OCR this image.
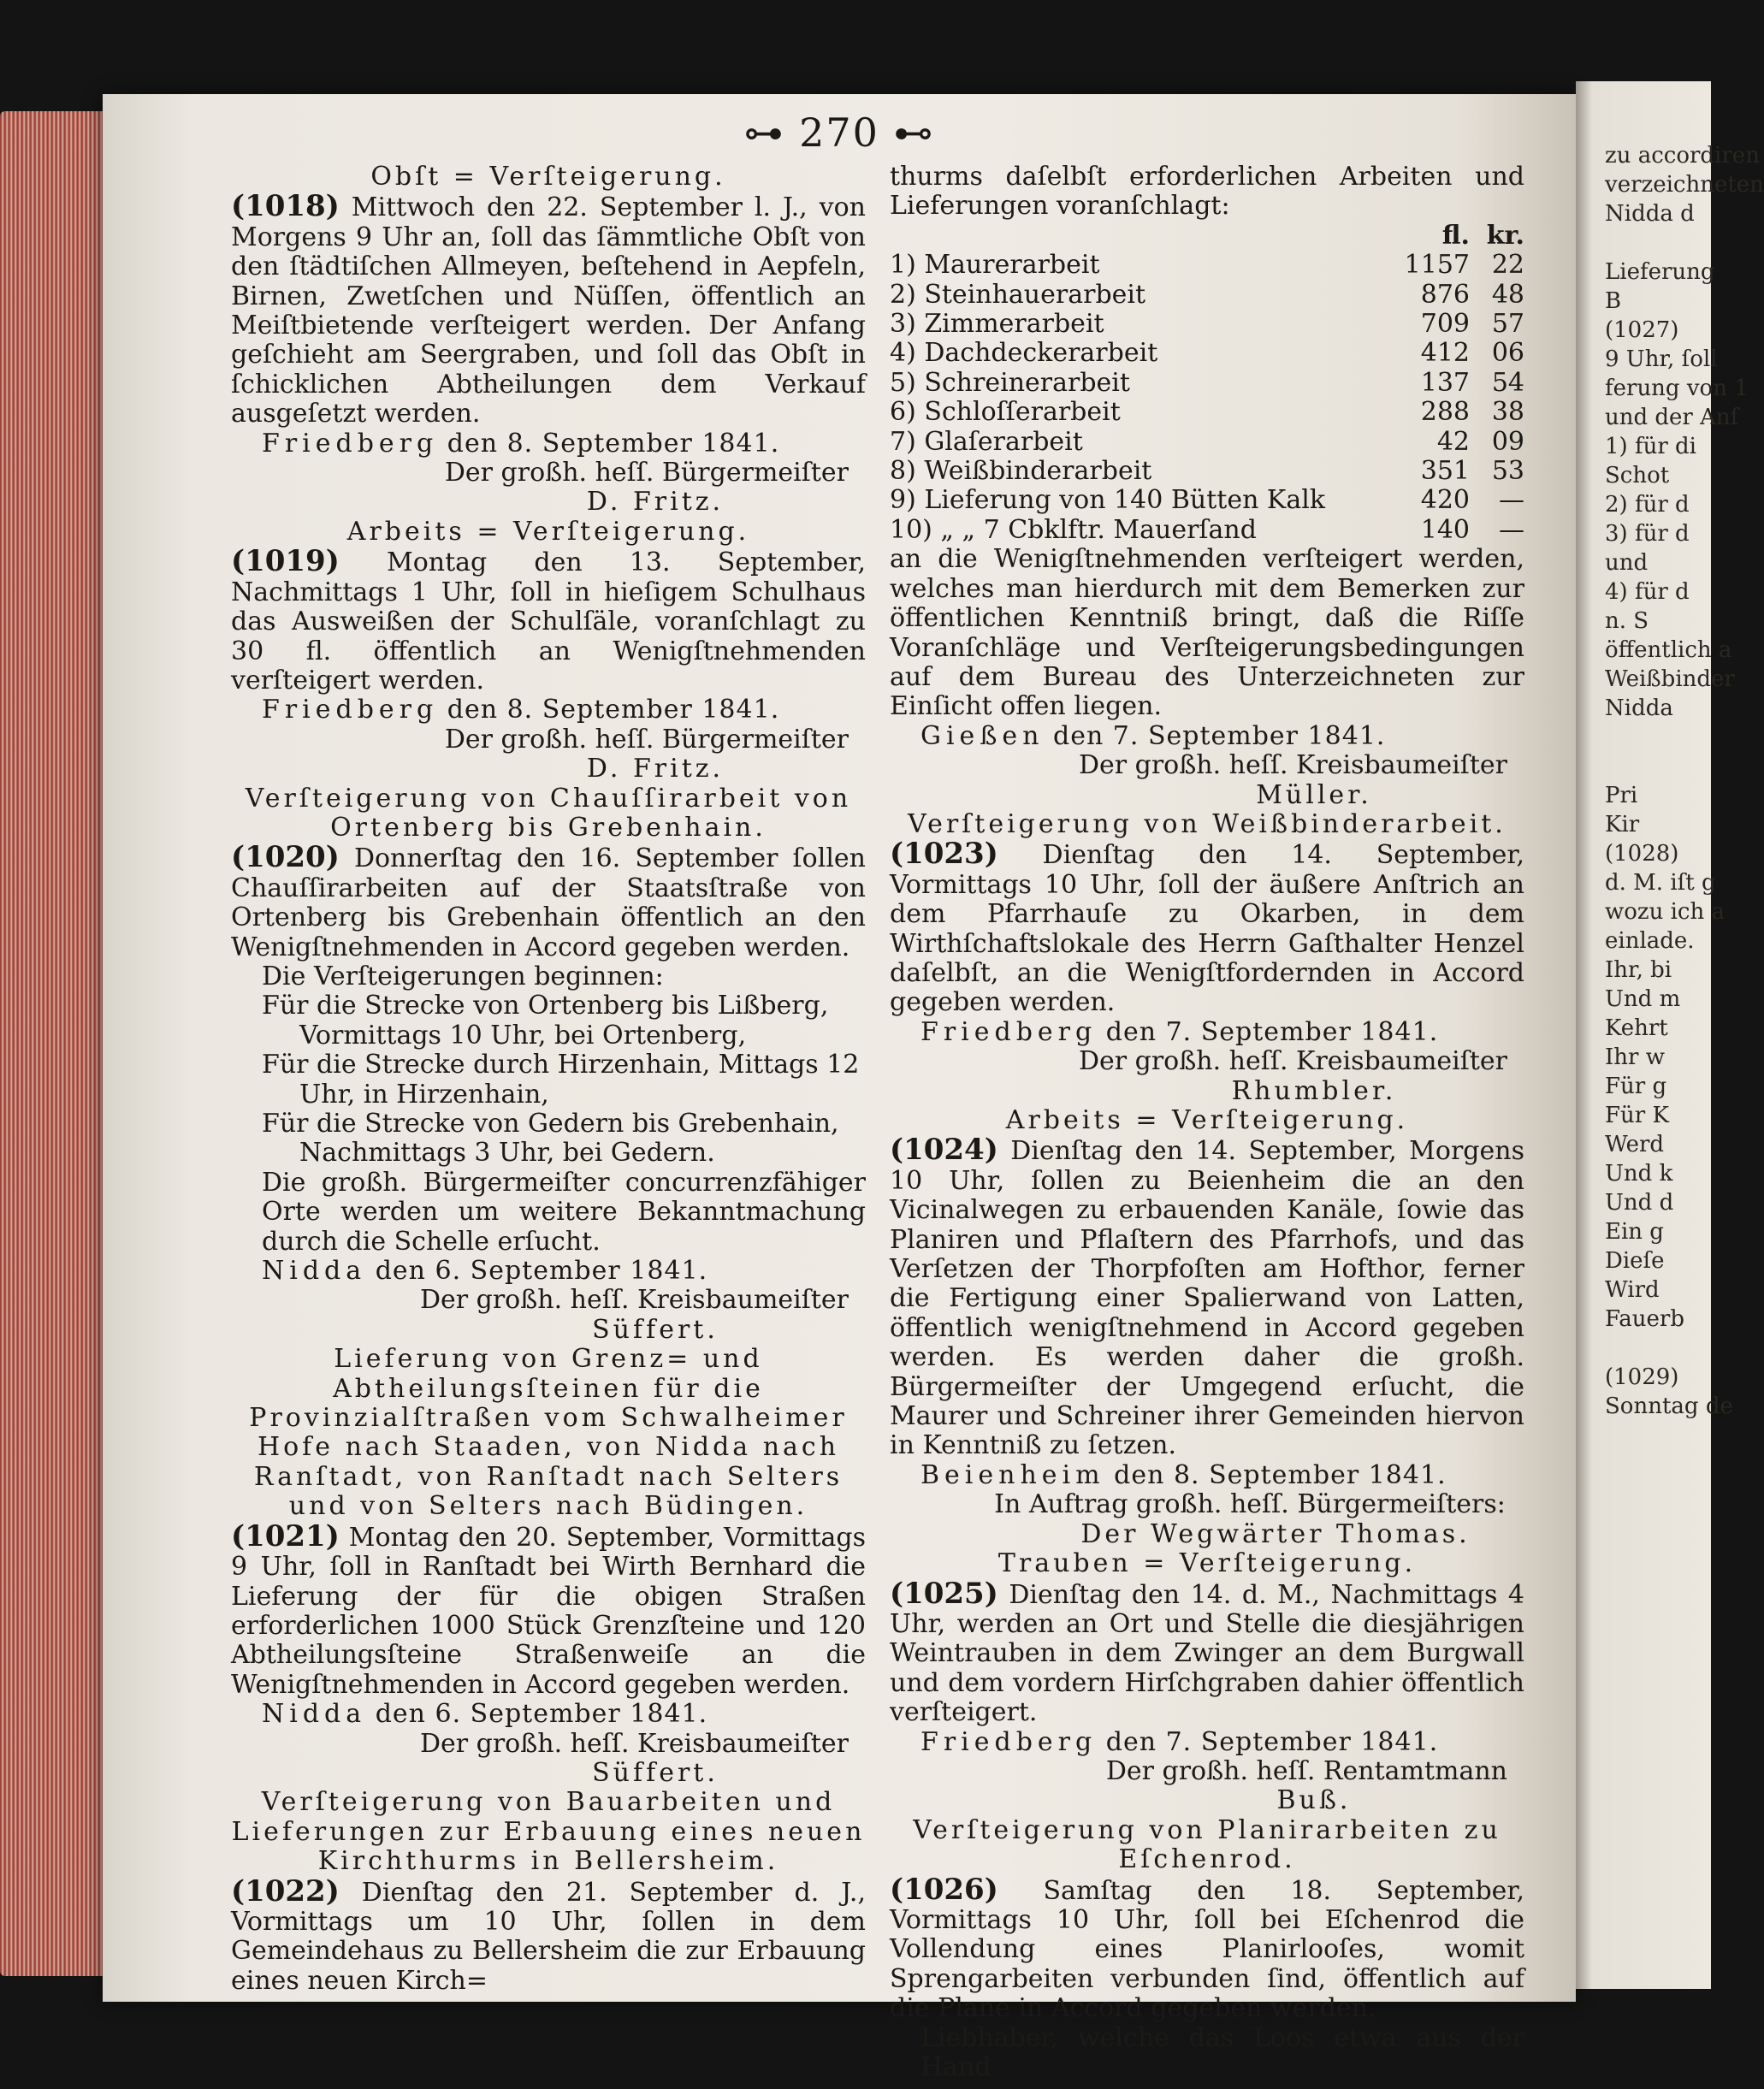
zu accordiren
verzeichneten
Nidda d

Lieferung
B
(1027)
9 Uhr, ſoll
ferung von 1
und der Anſ
1) für di
Schot
2) für d
3) für d
und
4) für d
n. S
öffentlich a
Weißbinder
Nidda

Pri
Kir
(1028)
d. M. iſt g
wozu ich a
einlade.
Ihr, bi
Und m
Kehrt
Ihr w
Für g
Für K
Werd
Und k
Und d
Ein g
Dieſe
Wird
Fauerb

(1029)
Sonntag de
⊶ 270 ⊷

Obſt = Verſteigerung.

(1018) Mittwoch den 22. September l. J., von Morgens 9 Uhr an, ſoll das ſämmtliche Obſt von den ſtädtiſchen Allmeyen, beſtehend in Aepfeln, Birnen, Zwetſchen und Nüſſen, öffentlich an Meiſtbietende verſteigert werden. Der Anfang geſchieht am Seergraben, und ſoll das Obſt in ſchicklichen Abtheilungen dem Verkauf ausgeſetzt werden.

Friedberg den 8. September 1841.

Der großh. heſſ. Bürgermeiſter

D. Fritz.

Arbeits = Verſteigerung.

(1019) Montag den 13. September, Nachmittags 1 Uhr, ſoll in hieſigem Schulhaus das Ausweißen der Schulſäle, voranſchlagt zu 30 fl. öffentlich an Wenigſtnehmenden verſteigert werden.

Friedberg den 8. September 1841.

Der großh. heſſ. Bürgermeiſter

D. Fritz.

Verſteigerung von Chauſſirarbeit von Ortenberg bis Grebenhain.

(1020) Donnerſtag den 16. September ſollen Chauſſirarbeiten auf der Staatsſtraße von Ortenberg bis Grebenhain öffentlich an den Wenigſtnehmenden in Accord gegeben werden.

Die Verſteigerungen beginnen:

Für die Strecke von Ortenberg bis Lißberg, Vormittags 10 Uhr, bei Ortenberg,

Für die Strecke durch Hirzenhain, Mittags 12 Uhr, in Hirzenhain,

Für die Strecke von Gedern bis Grebenhain, Nachmittags 3 Uhr, bei Gedern.

Die großh. Bürgermeiſter concurrenzfähiger Orte werden um weitere Bekanntmachung durch die Schelle erſucht.

Nidda den 6. September 1841.

Der großh. heſſ. Kreisbaumeiſter

Süffert.

Lieferung von Grenz= und Abtheilungsſteinen für die Provinzialſtraßen vom Schwalheimer Hofe nach Staaden, von Nidda nach Ranſtadt, von Ranſtadt nach Selters und von Selters nach Büdingen.

(1021) Montag den 20. September, Vormittags 9 Uhr, ſoll in Ranſtadt bei Wirth Bernhard die Lieferung der für die obigen Straßen erforderlichen 1000 Stück Grenzſteine und 120 Abtheilungsſteine Straßenweiſe an die Wenigſtnehmenden in Accord gegeben werden.

Nidda den 6. September 1841.

Der großh. heſſ. Kreisbaumeiſter

Süffert.

Verſteigerung von Bauarbeiten und Lieferungen zur Erbauung eines neuen Kirchthurms in Bellersheim.

(1022) Dienſtag den 21. September d. J., Vormittags um 10 Uhr, ſollen in dem Gemeindehaus zu Bellersheim die zur Erbauung eines neuen Kirch=

thurms daſelbſt erforderlichen Arbeiten und Lieferungen voranſchlagt:

fl. kr.
1) Maurerarbeit	1157 22
2) Steinhauerarbeit	876 48
3) Zimmerarbeit	709 57
4) Dachdeckerarbeit	412 06
5) Schreinerarbeit	137 54
6) Schloſſerarbeit	288 38
7) Glaſerarbeit	42 09
8) Weißbinderarbeit	351 53
9) Lieferung von 140 Bütten Kalk	420	—
10) „ „ 7 Cbklftr. Mauerſand	140	—

an die Wenigſtnehmenden verſteigert werden, welches man hierdurch mit dem Bemerken zur öffentlichen Kenntniß bringt, daß die Riſſe Voranſchläge und Verſteigerungsbedingungen auf dem Bureau des Unterzeichneten zur Einſicht offen liegen.

Gießen den 7. September 1841.

Der großh. heſſ. Kreisbaumeiſter

Müller.

Verſteigerung von Weißbinderarbeit.

(1023) Dienſtag den 14. September, Vormittags 10 Uhr, ſoll der äußere Anſtrich an dem Pfarrhauſe zu Okarben, in dem Wirthſchaftslokale des Herrn Gaſthalter Henzel daſelbſt, an die Wenigſtfordernden in Accord gegeben werden.

Friedberg den 7. September 1841.

Der großh. heſſ. Kreisbaumeiſter

Rhumbler.

Arbeits = Verſteigerung.

(1024) Dienſtag den 14. September, Morgens 10 Uhr, ſollen zu Beienheim die an den Vicinalwegen zu erbauenden Kanäle, ſowie das Planiren und Pflaſtern des Pfarrhofs, und das Verſetzen der Thorpfoſten am Hofthor, ferner die Fertigung einer Spalierwand von Latten, öffentlich wenigſtnehmend in Accord gegeben werden. Es werden daher die großh. Bürgermeiſter der Umgegend erſucht, die Maurer und Schreiner ihrer Gemeinden hiervon in Kenntniß zu ſetzen.

Beienheim den 8. September 1841.

In Auftrag großh. heſſ. Bürgermeiſters:

Der Wegwärter Thomas.

Trauben = Verſteigerung.

(1025) Dienſtag den 14. d. M., Nachmittags 4 Uhr, werden an Ort und Stelle die diesjährigen Weintrauben in dem Zwinger an dem Burgwall und dem vordern Hirſchgraben dahier öffentlich verſteigert.

Friedberg den 7. September 1841.

Der großh. heſſ. Rentamtmann

Buß.

Verſteigerung von Planirarbeiten zu Eſchenrod.

(1026) Samſtag den 18. September, Vormittags 10 Uhr, ſoll bei Eſchenrod die Vollendung eines Planirlooſes, womit Sprengarbeiten verbunden ſind, öffentlich auf die Plane in Accord gegeben werden.

Liebhaber, welche das Loos etwa aus der Hand
